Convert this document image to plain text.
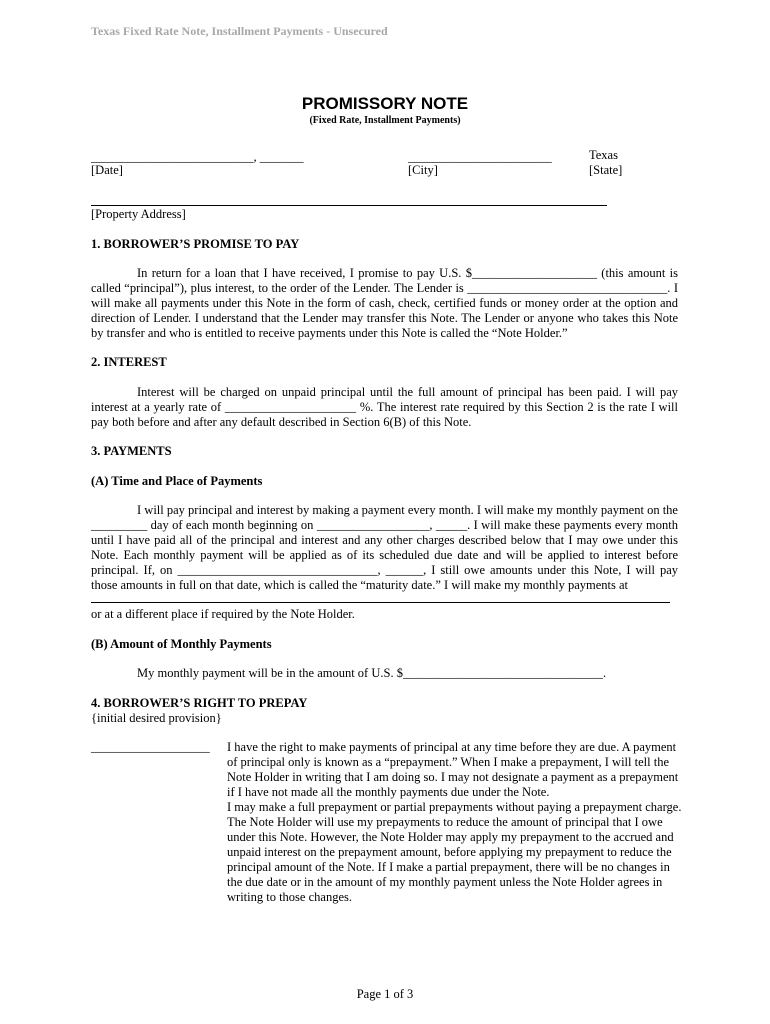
Texas Fixed Rate Note, Installment Payments - Unsecured
PROMISSORY NOTE
(Fixed Rate, Installment Payments)
__________________________, _______
[Date]
_______________________
[City]
Texas
[State]
[Property Address]
1. BORROWER’S PROMISE TO PAY
In return for a loan that I have received, I promise to pay U.S. $____________________ (this amount is called “principal”), plus interest, to the order of the Lender. The Lender is ________________________________. I will make all payments under this Note in the form of cash, check, certified funds or money order at the option and direction of Lender. I understand that the Lender may transfer this Note. The Lender or anyone who takes this Note by transfer and who is entitled to receive payments under this Note is called the “Note Holder.”
2. INTEREST
Interest will be charged on unpaid principal until the full amount of principal has been paid. I will pay interest at a yearly rate of _____________________ %. The interest rate required by this Section 2 is the rate I will pay both before and after any default described in Section 6(B) of this Note.
3. PAYMENTS
(A) Time and Place of Payments
I will pay principal and interest by making a payment every month. I will make my monthly payment on the _________ day of each month beginning on __________________, _____. I will make these payments every month until I have paid all of the principal and interest and any other charges described below that I may owe under this Note. Each monthly payment will be applied as of its scheduled due date and will be applied to interest before principal. If, on ________________________________, ______, I still owe amounts under this Note, I will pay those amounts in full on that date, which is called the “maturity date.” I will make my monthly payments at
or at a different place if required by the Note Holder.
(B) Amount of Monthly Payments
My monthly payment will be in the amount of U.S. $________________________________.
4. BORROWER’S RIGHT TO PREPAY
{initial desired provision}
___________________ I have the right to make payments of principal at any time before they are due. A payment of principal only is known as a “prepayment.” When I make a prepayment, I will tell the Note Holder in writing that I am doing so. I may not designate a payment as a prepayment if I have not made all the monthly payments due under the Note.

I may make a full prepayment or partial prepayments without paying a prepayment charge. The Note Holder will use my prepayments to reduce the amount of principal that I owe under this Note. However, the Note Holder may apply my prepayment to the accrued and unpaid interest on the prepayment amount, before applying my prepayment to reduce the principal amount of the Note. If I make a partial prepayment, there will be no changes in the due date or in the amount of my monthly payment unless the Note Holder agrees in writing to those changes.

Page 1 of 3
